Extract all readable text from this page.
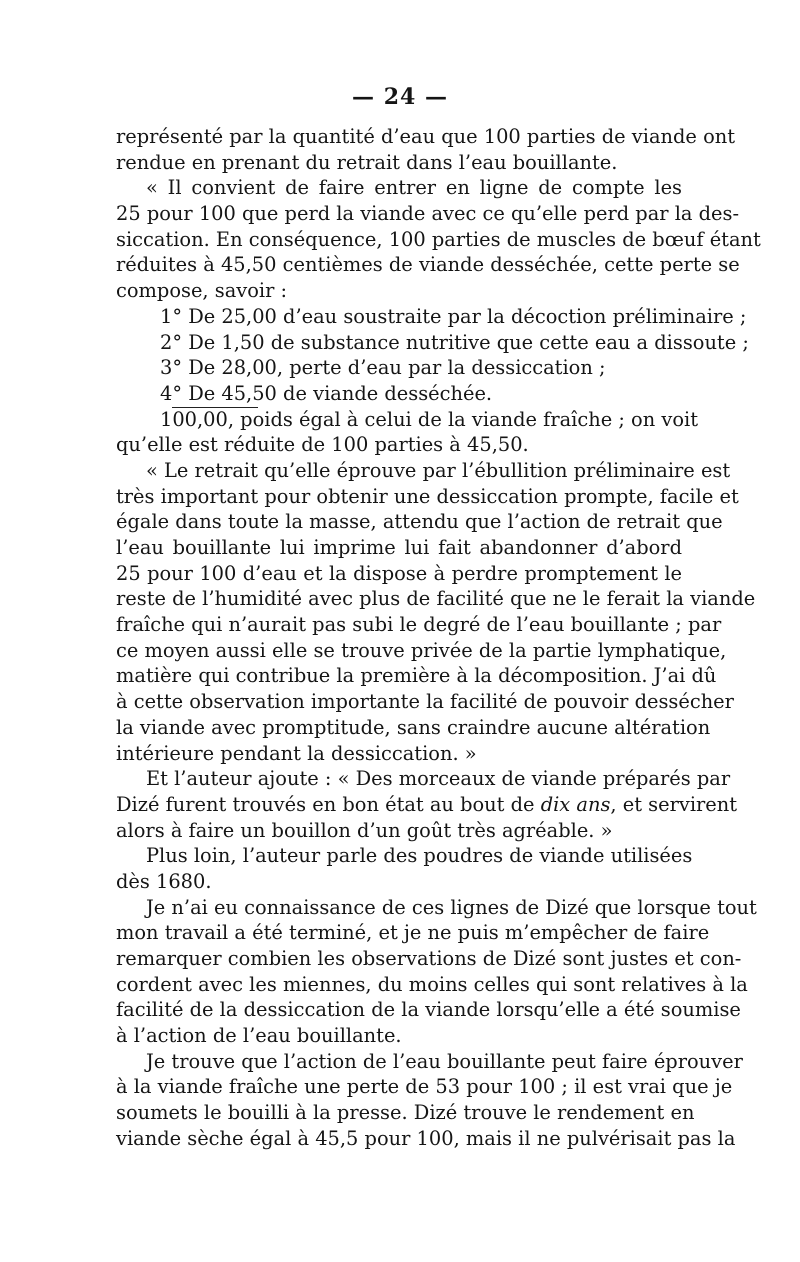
— 24 —
représenté par la quantité d’eau que 100 parties de viande ont
rendue en prenant du retrait dans l’eau bouillante.
« Il convient de faire entrer en ligne de compte les
25 pour 100 que perd la viande avec ce qu’elle perd par la des-
siccation. En conséquence, 100 parties de muscles de bœuf étant
réduites à 45,50 centièmes de viande desséchée, cette perte se
compose, savoir :
1° De 25,00 d’eau soustraite par la décoction préliminaire ;
2° De 1,50 de substance nutritive que cette eau a dissoute ;
3° De 28,00, perte d’eau par la dessiccation ;
4° De 45,50 de viande desséchée.
100,00, poids égal à celui de la viande fraîche ; on voit
qu’elle est réduite de 100 parties à 45,50.
« Le retrait qu’elle éprouve par l’ébullition préliminaire est
très important pour obtenir une dessiccation prompte, facile et
égale dans toute la masse, attendu que l’action de retrait que
l’eau bouillante lui imprime lui fait abandonner d’abord
25 pour 100 d’eau et la dispose à perdre promptement le
reste de l’humidité avec plus de facilité que ne le ferait la viande
fraîche qui n’aurait pas subi le degré de l’eau bouillante ; par
ce moyen aussi elle se trouve privée de la partie lymphatique,
matière qui contribue la première à la décomposition. J’ai dû
à cette observation importante la facilité de pouvoir dessécher
la viande avec promptitude, sans craindre aucune altération
intérieure pendant la dessiccation. »
Et l’auteur ajoute : « Des morceaux de viande préparés par
Dizé furent trouvés en bon état au bout de dix ans, et servirent
alors à faire un bouillon d’un goût très agréable. »
Plus loin, l’auteur parle des poudres de viande utilisées
dès 1680.
Je n’ai eu connaissance de ces lignes de Dizé que lorsque tout
mon travail a été terminé, et je ne puis m’empêcher de faire
remarquer combien les observations de Dizé sont justes et con-
cordent avec les miennes, du moins celles qui sont relatives à la
facilité de la dessiccation de la viande lorsqu’elle a été soumise
à l’action de l’eau bouillante.
Je trouve que l’action de l’eau bouillante peut faire éprouver
à la viande fraîche une perte de 53 pour 100 ; il est vrai que je
soumets le bouilli à la presse. Dizé trouve le rendement en
viande sèche égal à 45,5 pour 100, mais il ne pulvérisait pas la
